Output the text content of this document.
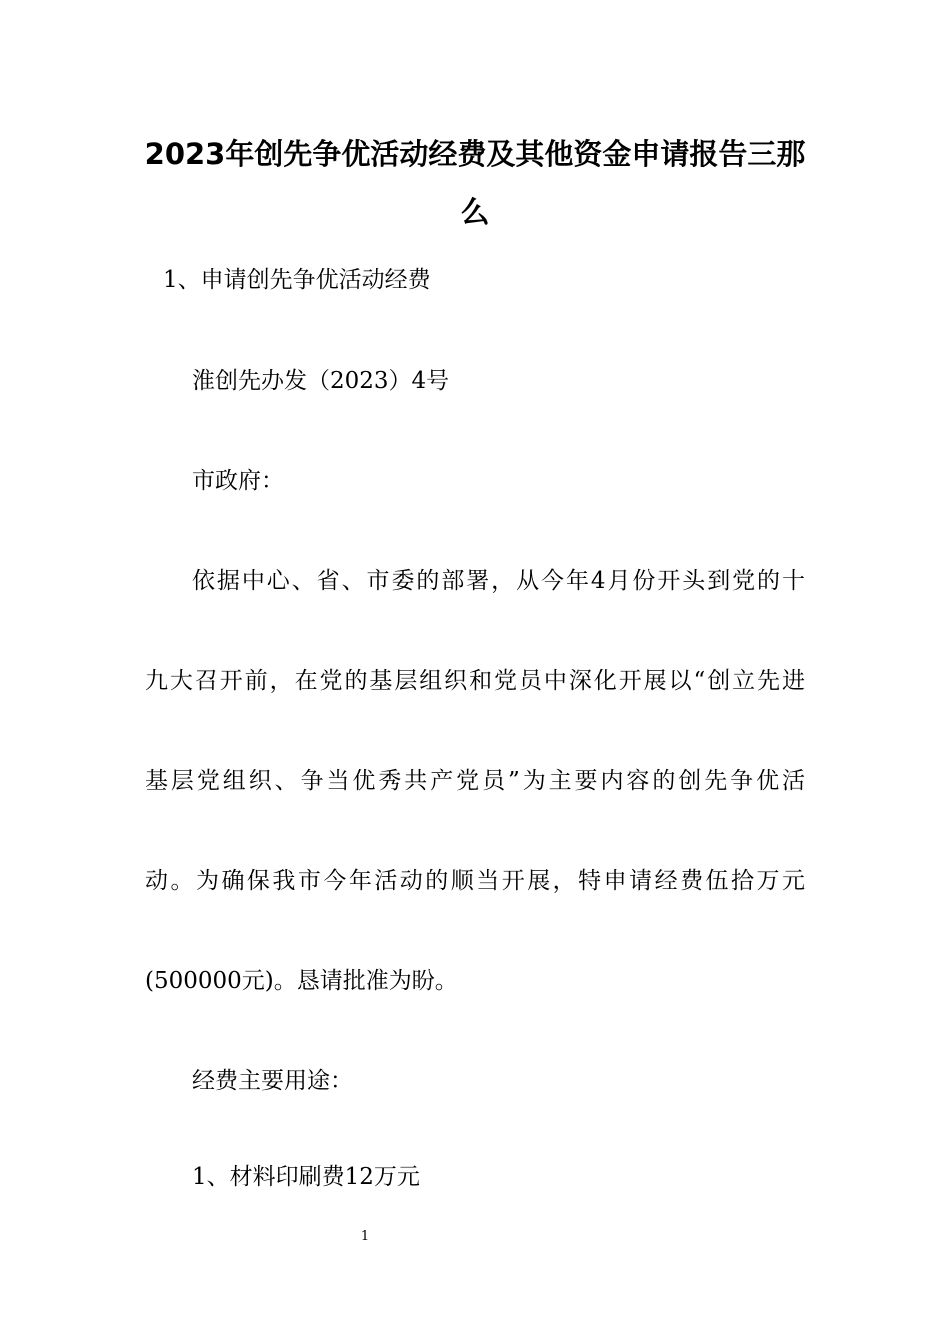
2023年创先争优活动经费及其他资金申请报告三那么

1、申请创先争优活动经费

淮创先办发（2023）4号

市政府：

依据中心、省、市委的部署，从今年4月份开头到党的十

九大召开前，在党的基层组织和党员中深化开展以“创立先进

基层党组织、争当优秀共产党员”为主要内容的创先争优活

动。为确保我市今年活动的顺当开展，特申请经费伍拾万元

(500000元)。恳请批准为盼。

经费主要用途：

1、材料印刷费12万元

1
